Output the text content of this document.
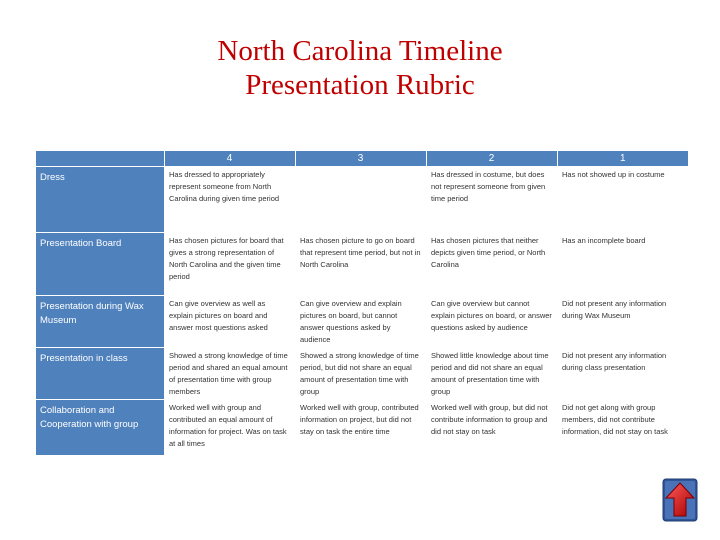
North Carolina Timeline
Presentation Rubric
	4	3	2	1
Dress	Has dressed to appropriately represent someone from North Carolina during given time period		Has dressed in costume, but does not represent someone from given time period	Has not showed up in costume
Presentation Board	Has chosen pictures for board that gives a strong representation of North Carolina and the given time period	Has chosen picture to go on board that represent time period, but not in North Carolina	Has chosen pictures that neither depicts given time period, or North Carolina	Has an incomplete board
Presentation during Wax Museum	Can give overview as well as explain pictures on board and answer most questions asked	Can give overview and explain pictures on board, but cannot answer questions asked by audience	Can give overview but cannot explain pictures on board, or answer questions asked by audience	Did not present any information during Wax Museum
Presentation in class	Showed a strong knowledge of time period and shared an equal amount of presentation time with group members	Showed a strong knowledge of time period, but did not share an equal amount of presentation time with group	Showed little knowledge about time period and did not share an equal amount of presentation time with group	Did not present any information during class presentation
Collaboration and Cooperation with group	Worked well with group and contributed an equal amount of information for project. Was on task at all times	Worked well with group, contributed information on project, but did not stay on task the entire time	Worked well with group, but did not contribute information to group and did not stay on task	Did not get along with group members, did not contribute information, did not stay on task
